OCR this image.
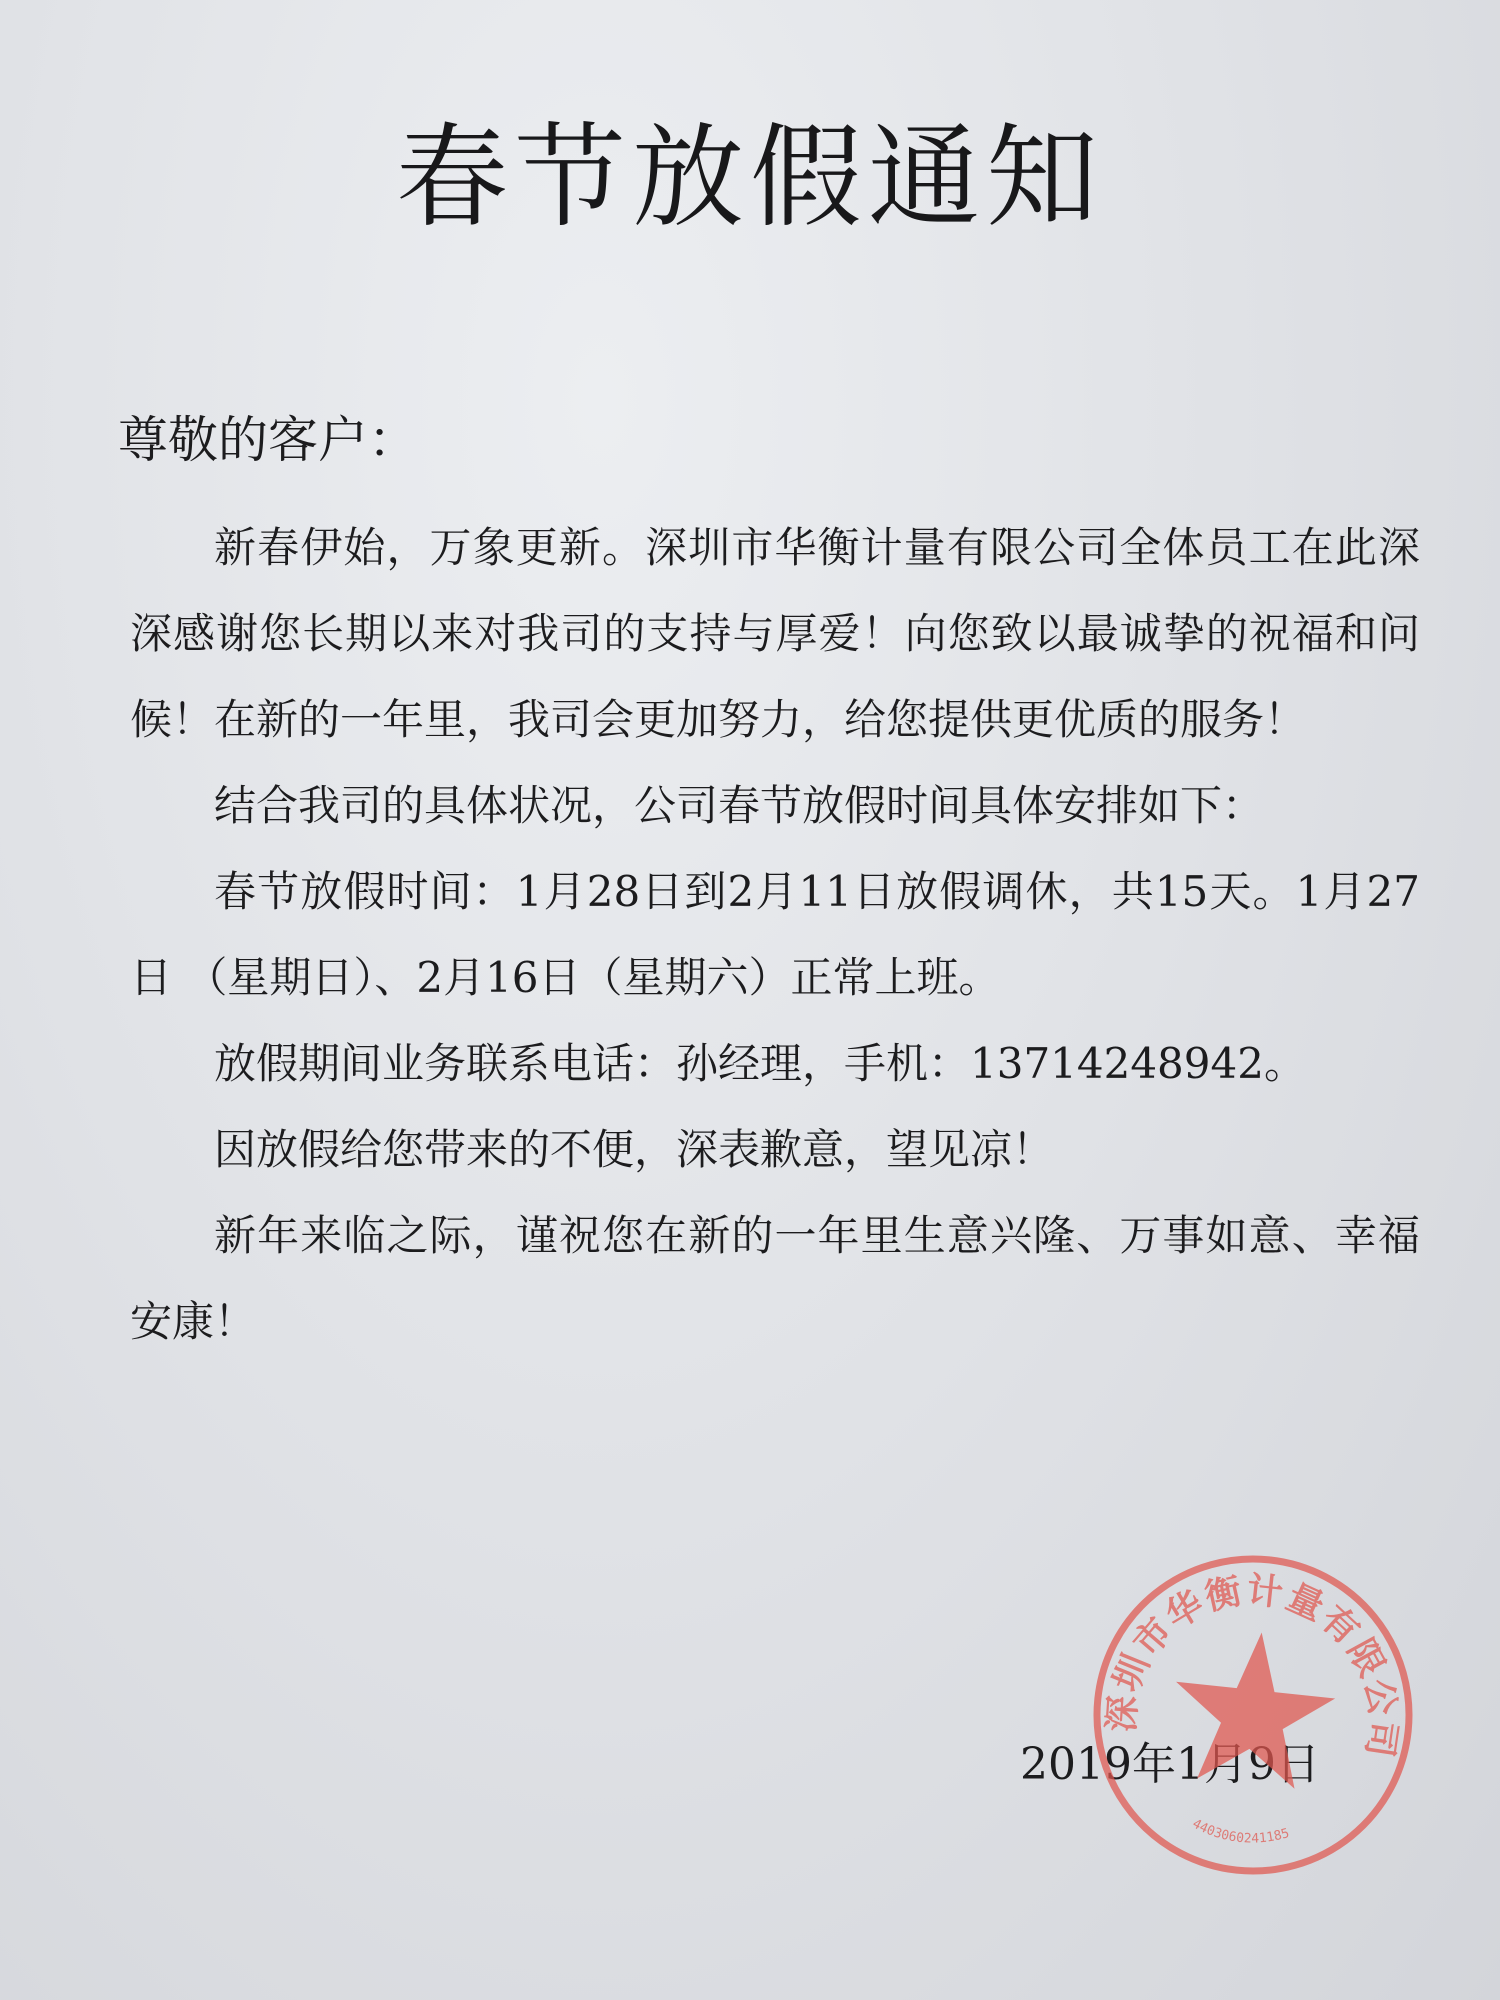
春节放假通知
尊敬的客户：

新春伊始，万象更新。深圳市华衡计量有限公司全体员工在此深深感谢您长期以来对我司的支持与厚爱！向您致以最诚挚的祝福和问候！在新的一年里，我司会更加努力，给您提供更优质的服务！

结合我司的具体状况，公司春节放假时间具体安排如下：

春节放假时间：1月28日到2月11日放假调休，共15天。1月27日 （星期日）、2月16日（星期六）正常上班。

放假期间业务联系电话：孙经理，手机：13714248942。

因放假给您带来的不便，深表歉意，望见凉！

新年来临之际，谨祝您在新的一年里生意兴隆、万事如意、幸福安康！

2019年1月9日
深圳市华衡计量有限公司
4403060241185
